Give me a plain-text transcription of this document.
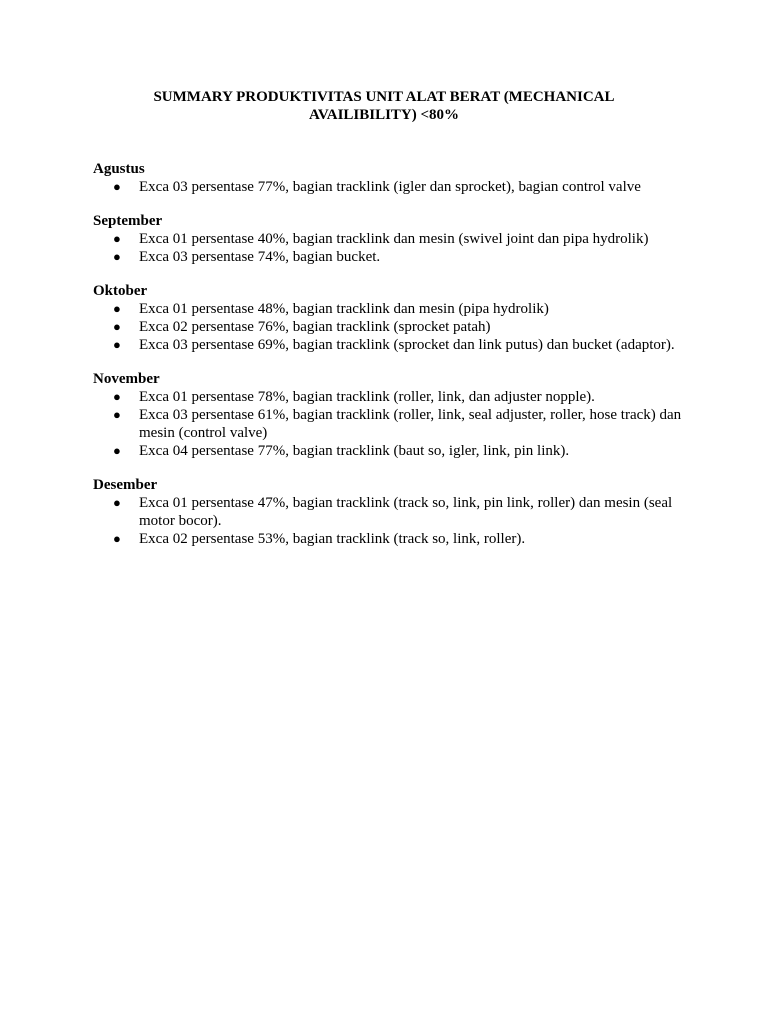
SUMMARY PRODUKTIVITAS UNIT ALAT BERAT (MECHANICAL AVAILIBILITY) <80%
Agustus
● Exca 03 persentase 77%, bagian tracklink (igler dan sprocket), bagian control valve
September
● Exca 01 persentase 40%, bagian tracklink dan mesin (swivel joint dan pipa hydrolik)
● Exca 03 persentase 74%, bagian bucket.
Oktober
● Exca 01 persentase 48%, bagian tracklink dan mesin (pipa hydrolik)
● Exca 02 persentase 76%, bagian tracklink (sprocket patah)
● Exca 03 persentase 69%, bagian tracklink (sprocket dan link putus) dan bucket (adaptor).
November
● Exca 01 persentase 78%, bagian tracklink (roller, link, dan adjuster nopple).
● Exca 03 persentase 61%, bagian tracklink (roller, link, seal adjuster, roller, hose track) dan mesin (control valve)
● Exca 04 persentase 77%, bagian tracklink (baut so, igler, link, pin link).
Desember
● Exca 01 persentase 47%, bagian tracklink (track so, link, pin link, roller) dan mesin (seal motor bocor).
● Exca 02 persentase 53%, bagian tracklink (track so, link, roller).
